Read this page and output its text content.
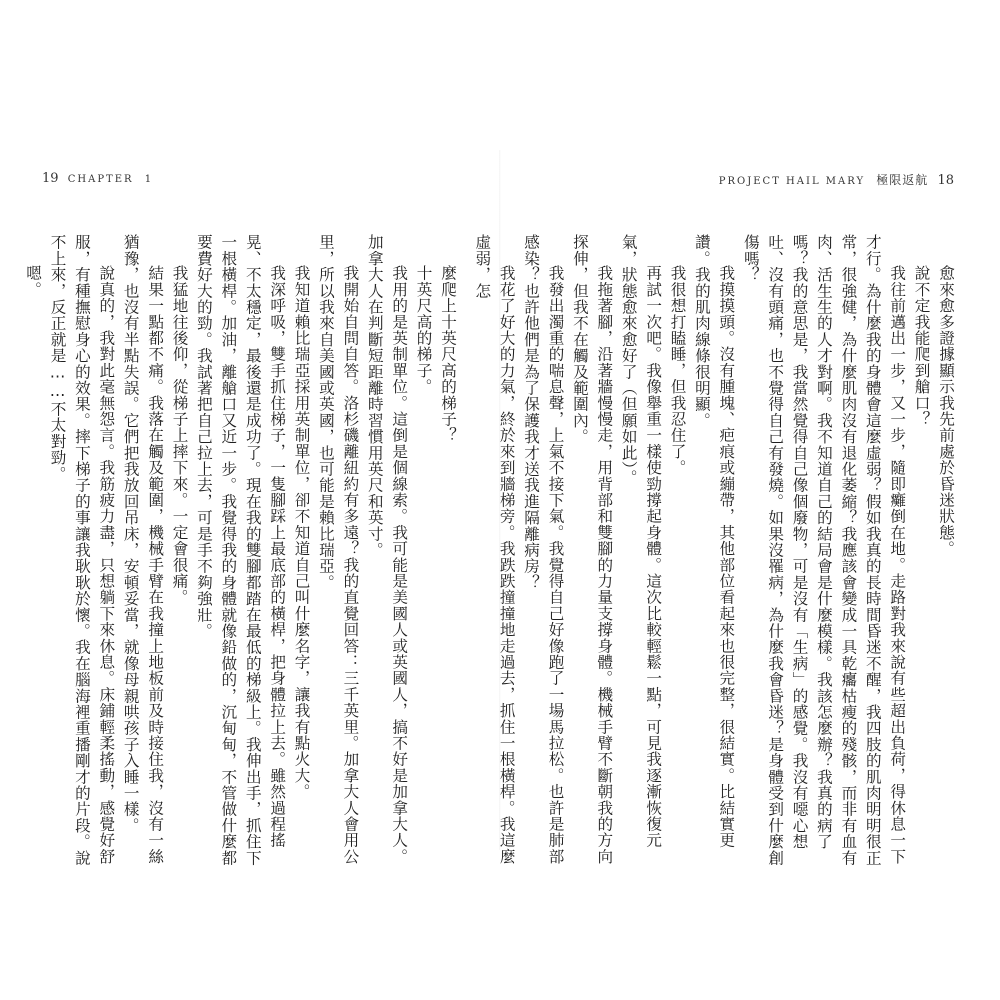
19 CHAPTER 1	PROJECT HAIL MARY 極限返航 18

愈來愈多證據顯示我先前處於昏迷狀態。

說不定我能爬到艙口？

我往前邁出一步，又一步，隨即癱倒在地。走路對我來說有些超出負荷，得休息一下才行。為什麼我的身體會這麼虛弱？假如我真的長時間昏迷不醒，我四肢的肌肉明明很正常，很強健，為什麼肌肉沒有退化萎縮？我應該會變成一具乾癟枯瘦的殘骸，而非有血有肉、活生生的人才對啊。我不知道自己的結局會是什麼模樣。我該怎麼辦？我真的病了嗎？我的意思是，我當然覺得自己像個廢物，可是沒有「生病」的感覺。我沒有噁心想吐、沒有頭痛，也不覺得自己有發燒。如果沒罹病，為什麼我會昏迷？是身體受到什麼創傷嗎？

我摸摸頭。沒有腫塊、疤痕或繃帶，其他部位看起來也很完整，很結實。比結實更讚。我的肌肉線條很明顯。

我很想打瞌睡，但我忍住了。

再試一次吧。我像舉重一樣使勁撐起身體。這次比較輕鬆一點，可見我逐漸恢復元氣，狀態愈來愈好了（但願如此）。

我拖著腳，沿著牆慢慢走，用背部和雙腳的力量支撐身體。機械手臂不斷朝我的方向探伸，但我不在觸及範圍內。

我發出濁重的喘息聲，上氣不接下氣。我覺得自己好像跑了一場馬拉松。也許是肺部感染？也許他們是為了保護我才送我進隔離病房？

我花了好大的力氣，終於來到牆梯旁。我跌跌撞撞地走過去，抓住一根橫桿。我這麼虛弱，怎

麼爬上十英尺高的梯子？

十英尺高的梯子。

我用的是英制單位。這倒是個線索。我可能是美國人或英國人，搞不好是加拿大人。加拿大人在判斷短距離時習慣用英尺和英寸。

我開始自問自答。洛杉磯離紐約有多遠？我的直覺回答：三千英里。加拿大人會用公里，所以我來自美國或英國，也可能是賴比瑞亞。

我知道賴比瑞亞採用英制單位，卻不知道自己叫什麼名字，讓我有點火大。

我深呼吸，雙手抓住梯子，一隻腳踩上最底部的橫桿，把身體拉上去。雖然過程搖晃、不太穩定，最後還是成功了。現在我的雙腳都踏在最低的梯級上。我伸出手，抓住下一根橫桿。加油，離艙口又近一步。我覺得我的身體就像鉛做的，沉甸甸，不管做什麼都要費好大的勁。我試著把自己拉上去，可是手不夠強壯。

我猛地往後仰，從梯子上摔下來。一定會很痛。

結果一點都不痛。我落在觸及範圍，機械手臂在我撞上地板前及時接住我，沒有一絲猶豫，也沒有半點失誤。它們把我放回吊床，安頓妥當，就像母親哄孩子入睡一樣。

說真的，我對此毫無怨言。我筋疲力盡，只想躺下來休息。床鋪輕柔搖動，感覺好舒服，有種撫慰身心的效果。摔下梯子的事讓我耿耿於懷。我在腦海裡重播剛才的片段。說不上來，反正就是……不太對勁。

嗯。
